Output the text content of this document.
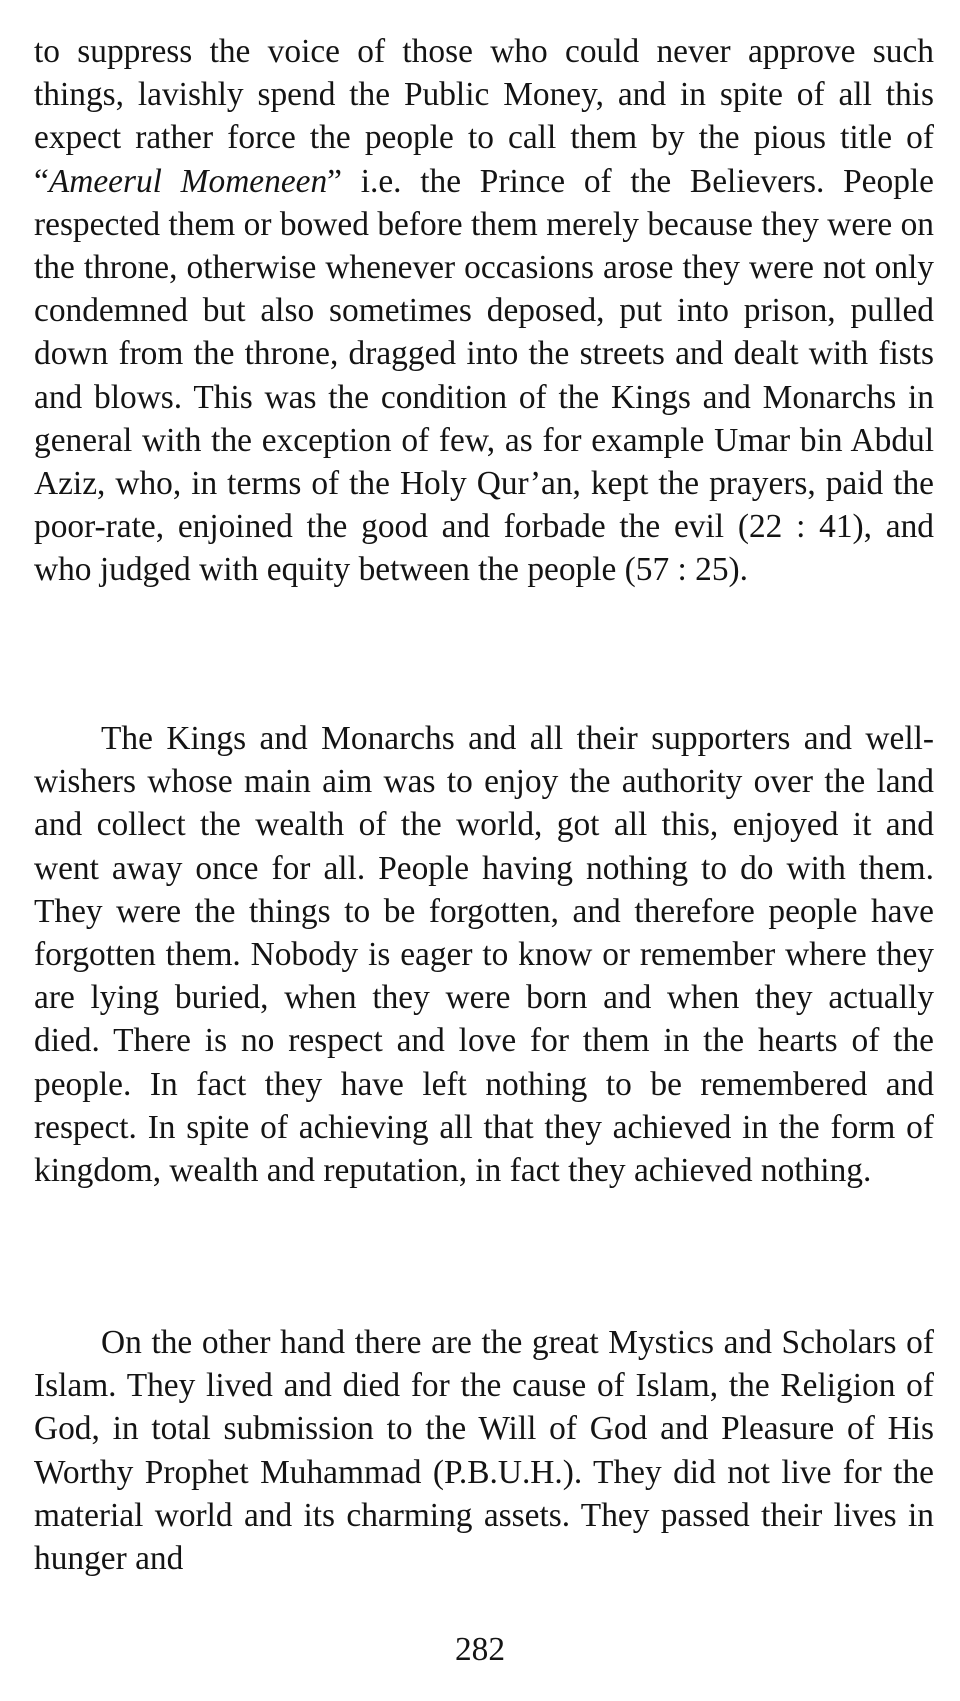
to suppress the voice of those who could never approve such things, lavishly spend the Public Money, and in spite of all this expect rather force the people to call them by the pious title of “Ameerul Momeneen” i.e. the Prince of the Believers. People respected them or bowed before them merely because they were on the throne, otherwise whenever occasions arose they were not only condemned but also sometimes deposed, put into prison, pulled down from the throne, dragged into the streets and dealt with fists and blows. This was the condition of the Kings and Monarchs in general with the exception of few, as for example Umar bin Abdul Aziz, who, in terms of the Holy Qur’an, kept the prayers, paid the poor-rate, enjoined the good and forbade the evil (22 : 41), and who judged with equity between the people (57 : 25).

The Kings and Monarchs and all their supporters and well-wishers whose main aim was to enjoy the authority over the land and collect the wealth of the world, got all this, enjoyed it and went away once for all. People having nothing to do with them. They were the things to be forgotten, and therefore people have forgotten them. Nobody is eager to know or remember where they are lying buried, when they were born and when they actually died. There is no respect and love for them in the hearts of the people. In fact they have left nothing to be remembered and respect. In spite of achieving all that they achieved in the form of kingdom, wealth and reputation, in fact they achieved nothing.

On the other hand there are the great Mystics and Scholars of Islam. They lived and died for the cause of Islam, the Religion of God, in total submission to the Will of God and Pleasure of His Worthy Prophet Muhammad (P.B.U.H.). They did not live for the material world and its charming assets. They passed their lives in hunger and

282
